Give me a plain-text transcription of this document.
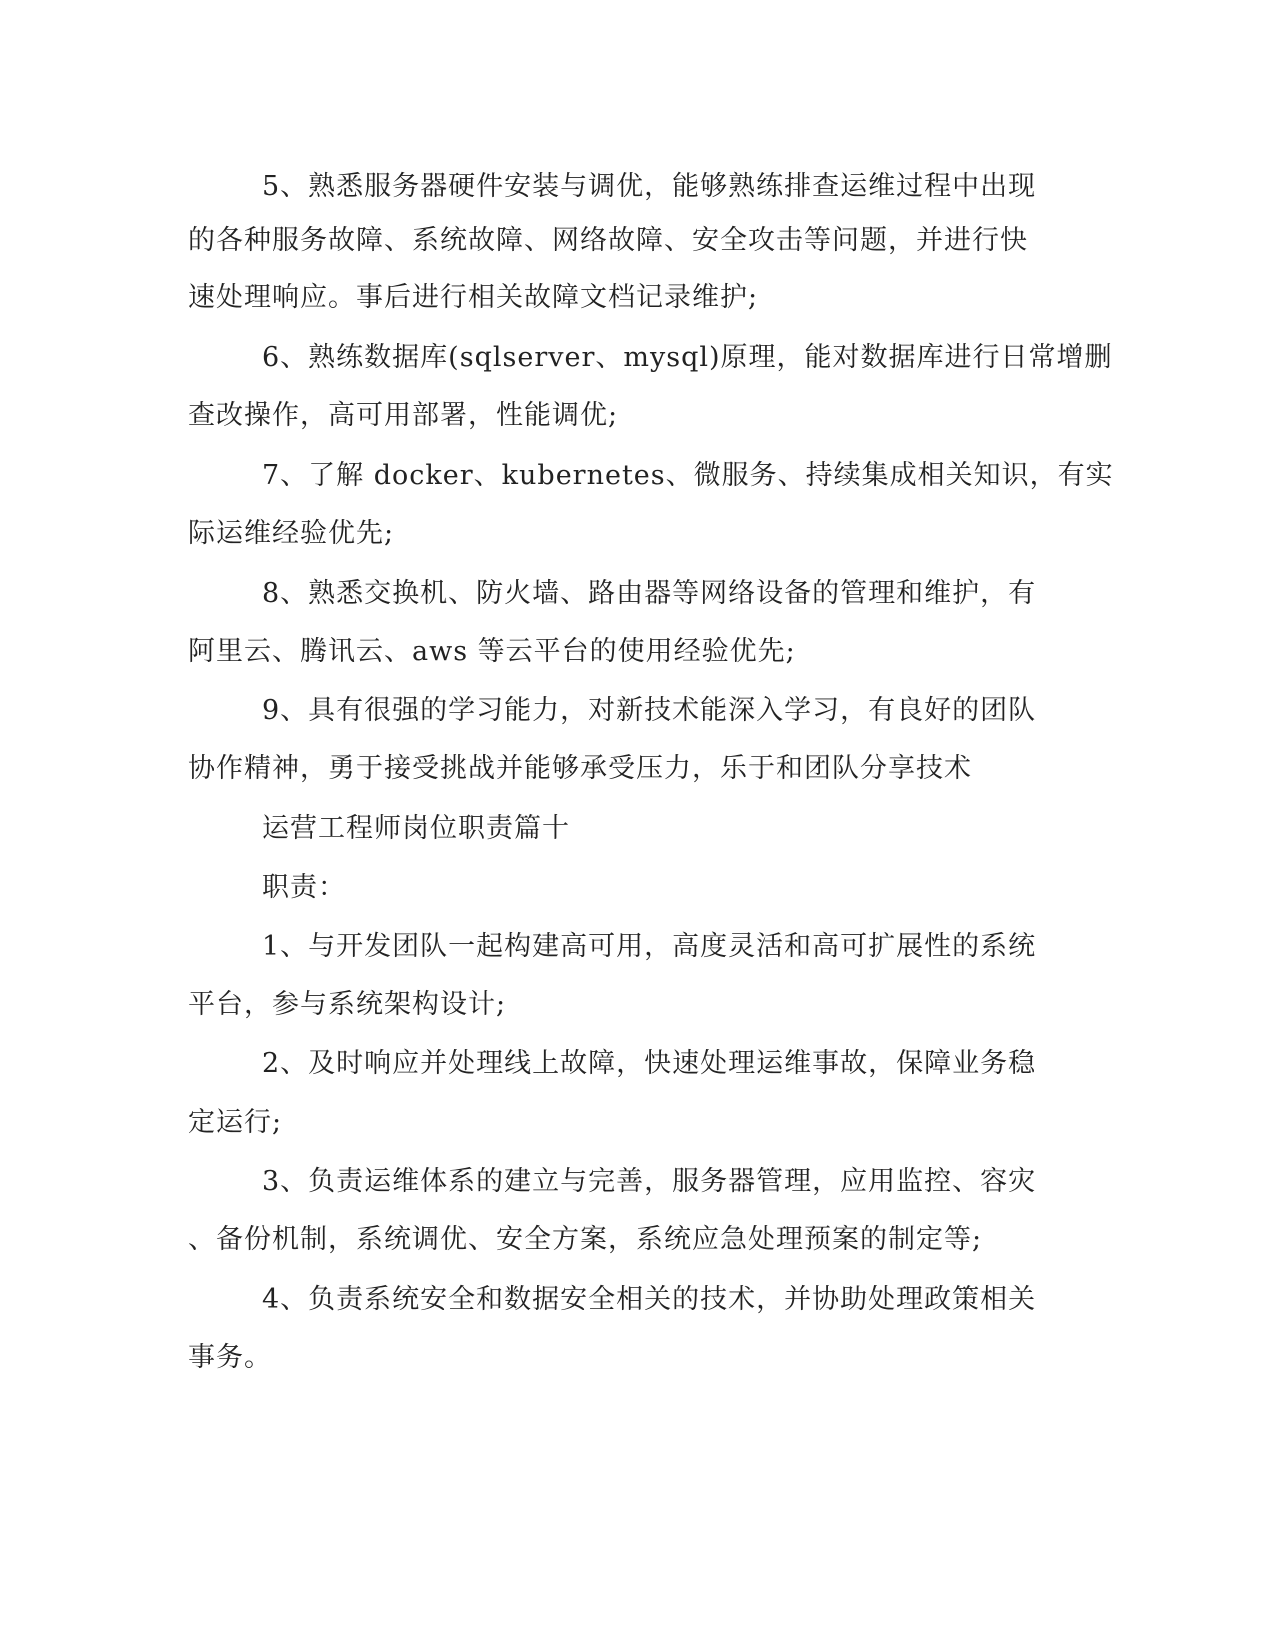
5、熟悉服务器硬件安装与调优，能够熟练排查运维过程中出现
的各种服务故障、系统故障、网络故障、安全攻击等问题，并进行快
速处理响应。事后进行相关故障文档记录维护;
6、熟练数据库(sqlserver、mysql)原理，能对数据库进行日常增删
查改操作，高可用部署，性能调优;
7、了解 docker、kubernetes、微服务、持续集成相关知识，有实
际运维经验优先;
8、熟悉交换机、防火墙、路由器等网络设备的管理和维护，有
阿里云、腾讯云、aws 等云平台的使用经验优先;
9、具有很强的学习能力，对新技术能深入学习，有良好的团队
协作精神，勇于接受挑战并能够承受压力，乐于和团队分享技术
运营工程师岗位职责篇十
职责：
1、与开发团队一起构建高可用，高度灵活和高可扩展性的系统
平台，参与系统架构设计;
2、及时响应并处理线上故障，快速处理运维事故，保障业务稳
定运行;
3、负责运维体系的建立与完善，服务器管理，应用监控、容灾
、备份机制，系统调优、安全方案，系统应急处理预案的制定等;
4、负责系统安全和数据安全相关的技术，并协助处理政策相关
事务。
